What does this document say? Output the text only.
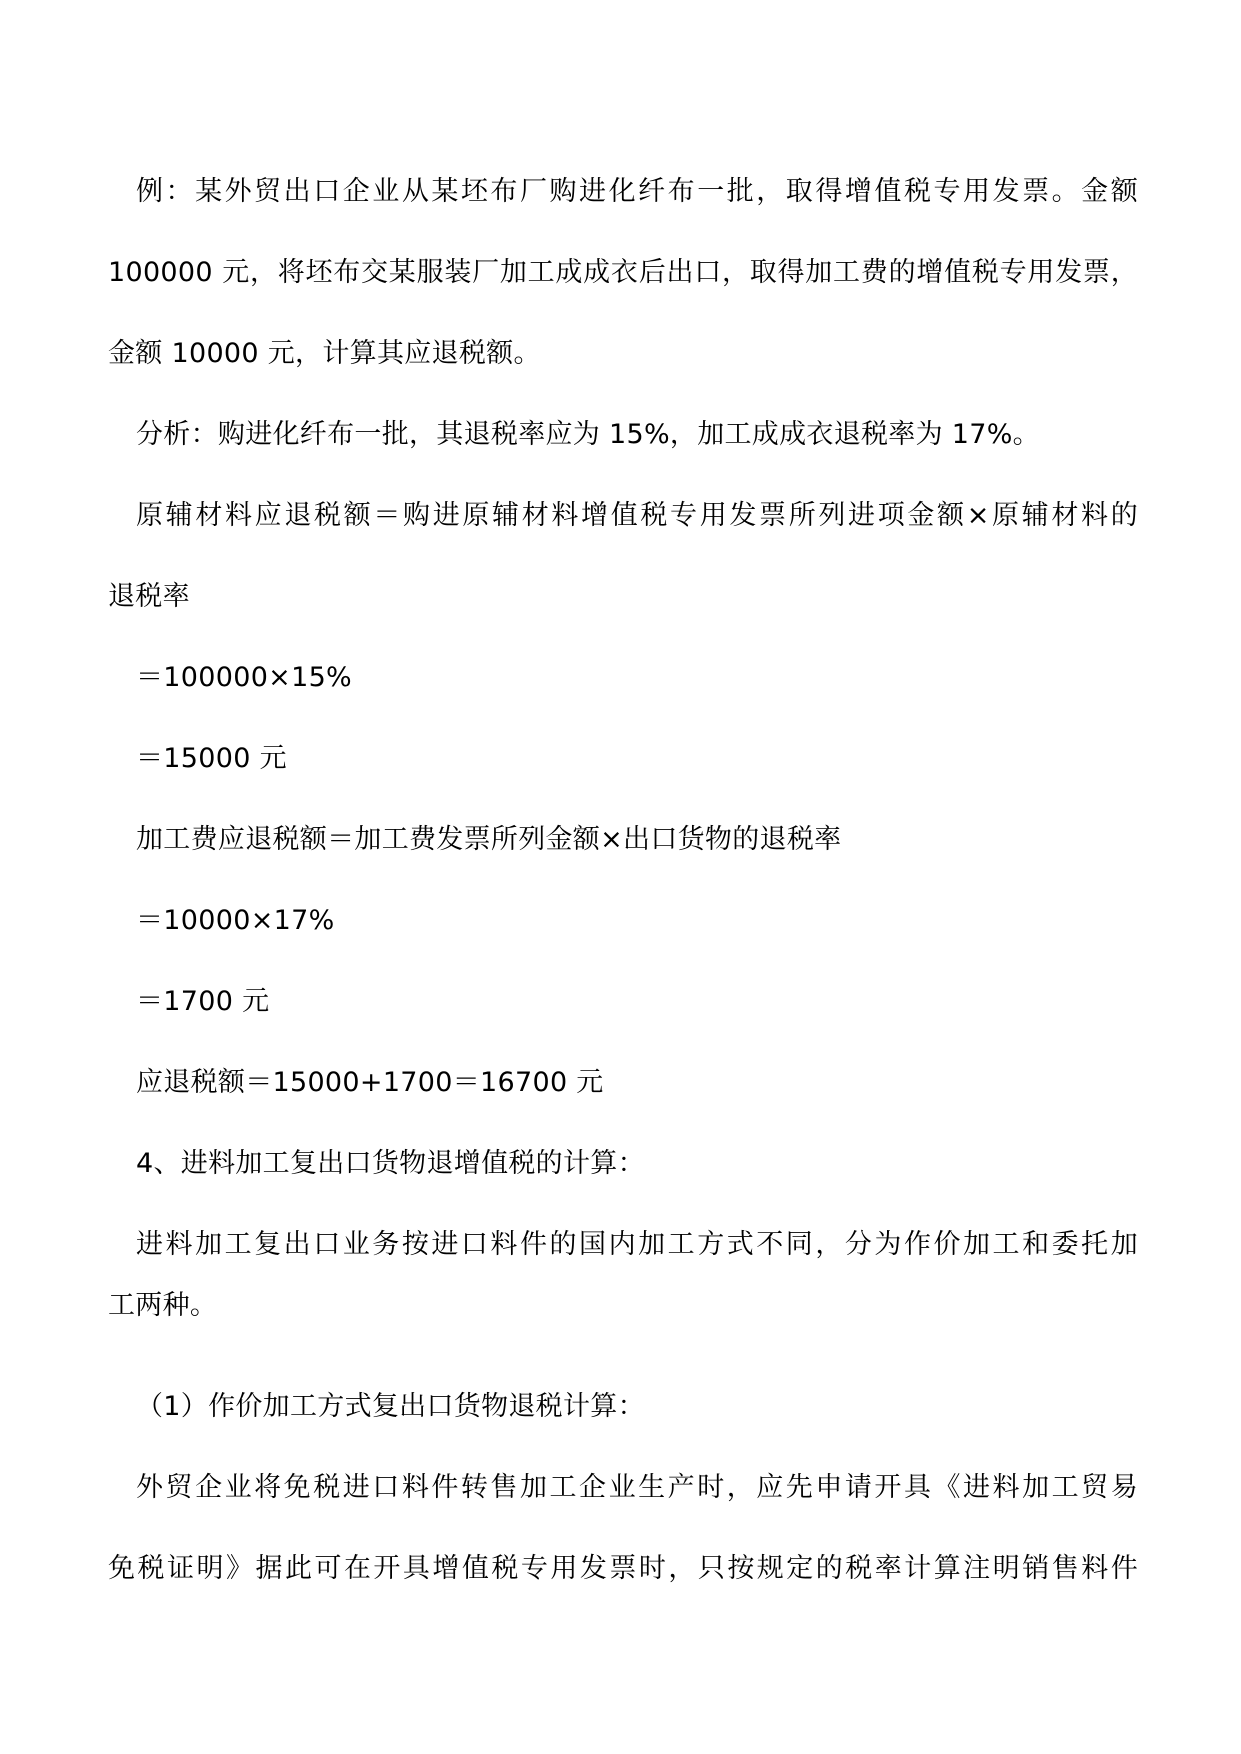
例：某外贸出口企业从某坯布厂购进化纤布一批，取得增值税专用发票。金额
100000 元，将坯布交某服装厂加工成成衣后出口，取得加工费的增值税专用发票，
金额 10000 元，计算其应退税额。
分析：购进化纤布一批，其退税率应为 15%，加工成成衣退税率为 17%。
原辅材料应退税额＝购进原辅材料增值税专用发票所列进项金额×原辅材料的
退税率
＝100000×15%
＝15000 元
加工费应退税额＝加工费发票所列金额×出口货物的退税率
＝10000×17%
＝1700 元
应退税额＝15000+1700＝16700 元
4、进料加工复出口货物退增值税的计算：
进料加工复出口业务按进口料件的国内加工方式不同，分为作价加工和委托加
工两种。
（1）作价加工方式复出口货物退税计算：
外贸企业将免税进口料件转售加工企业生产时，应先申请开具《进料加工贸易
免税证明》据此可在开具增值税专用发票时，只按规定的税率计算注明销售料件
